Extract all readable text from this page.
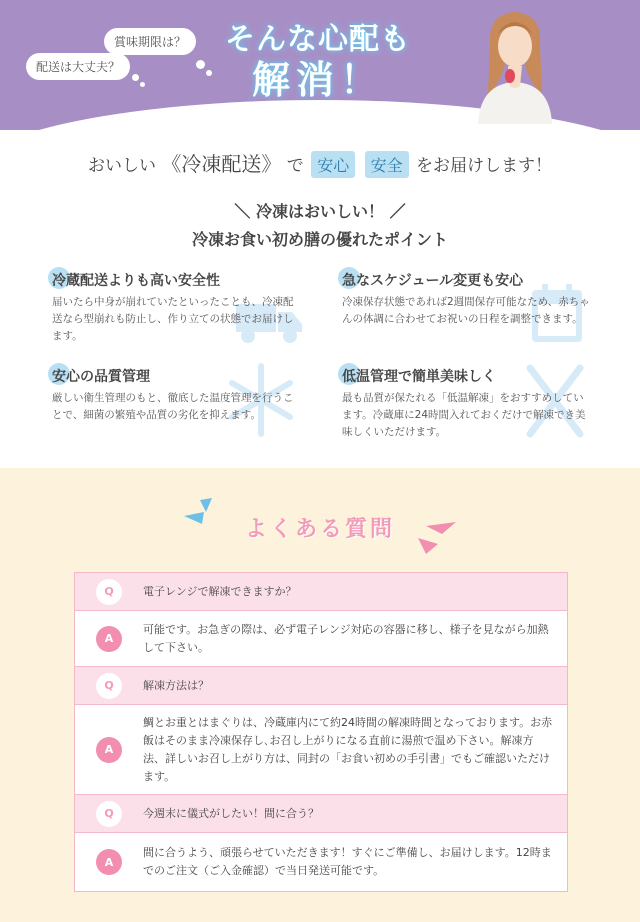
賞味期限は？
配送は大丈夫？
そんな心配も
解消！
おいしい 《冷凍配送》 で 安心 安全 をお届けします！
＼ 冷凍はおいしい！ ／
冷凍お食い初め膳の優れたポイント
冷蔵配送よりも高い安全性

届いたら中身が崩れていたといったことも、冷凍配送なら型崩れも防止し、作り立ての状態でお届けします。

急なスケジュール変更も安心

冷凍保存状態であれば2週間保存可能なため、赤ちゃんの体調に合わせてお祝いの日程を調整できます。

安心の品質管理

厳しい衛生管理のもと、徹底した温度管理を行うことで、細菌の繁殖や品質の劣化を抑えます。

低温管理で簡単美味しく

最も品質が保たれる「低温解凍」をおすすめしています。冷蔵庫に24時間入れておくだけで解凍でき美味しくいただけます。

よくある質問
Q	電子レンジで解凍できますか？
A
可能です。お急ぎの際は、必ず電子レンジ対応の容器に移し、様子を見ながら加熱して下さい。
Q	解凍方法は？
A
鯛とお重とはまぐりは、冷蔵庫内にて約24時間の解凍時間となっております。お赤飯はそのまま冷凍保存し､お召し上がりになる直前に湯煎で温め下さい。解凍方法、詳しいお召し上がり方は、同封の「お食い初めの手引書」でもご確認いただけます。
Q	今週末に儀式がしたい！間に合う？
A
間に合うよう、頑張らせていただきます！すぐにご準備し、お届けします。12時までのご注文（ご入金確認）で当日発送可能です。
